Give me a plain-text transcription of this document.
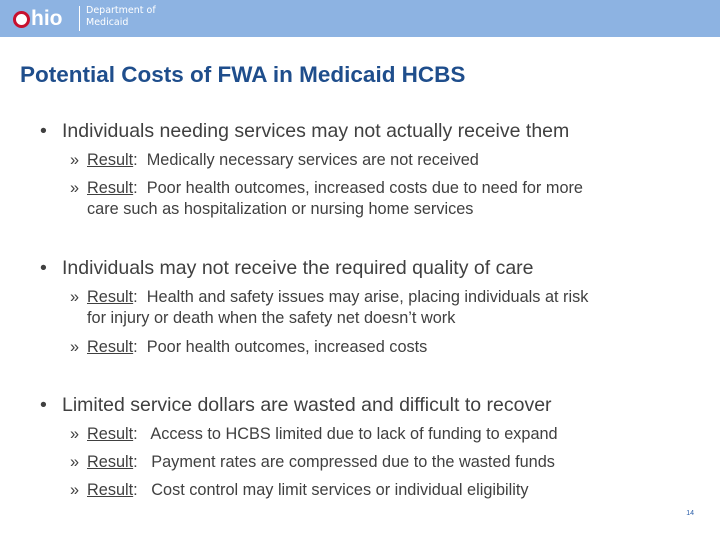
hio Department of
Medicaid
Potential Costs of FWA in Medicaid HCBS
• Individuals needing services may not actually receive them
» Result: Medically necessary services are not received
» Result: Poor health outcomes, increased costs due to need for more
care such as hospitalization or nursing home services
• Individuals may not receive the required quality of care
» Result: Health and safety issues may arise, placing individuals at risk
for injury or death when the safety net doesn’t work
» Result: Poor health outcomes, increased costs
• Limited service dollars are wasted and difficult to recover
» Result: Access to HCBS limited due to lack of funding to expand
» Result: Payment rates are compressed due to the wasted funds
» Result: Cost control may limit services or individual eligibility
14
